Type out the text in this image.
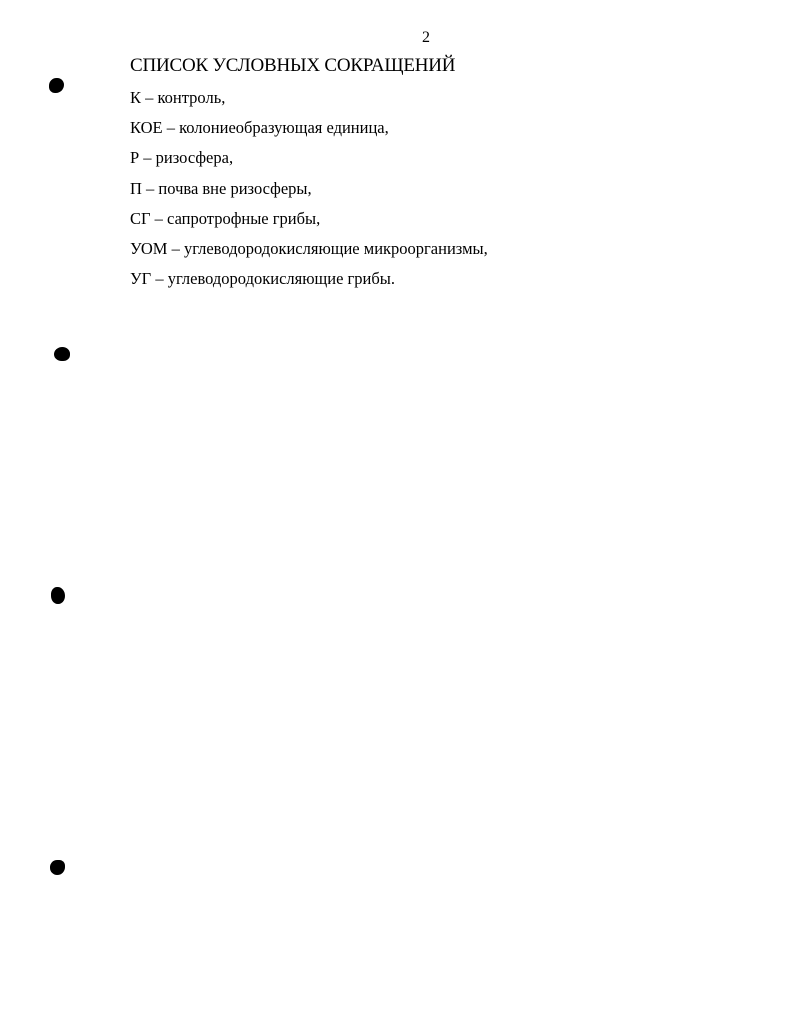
2
СПИСОК УСЛОВНЫХ СОКРАЩЕНИЙ
К – контроль,
КОЕ – колониеобразующая единица,
Р – ризосфера,
П – почва вне ризосферы,
СГ – сапротрофные грибы,
УОМ – углеводородокисляющие микроорганизмы,
УГ – углеводородокисляющие грибы.
